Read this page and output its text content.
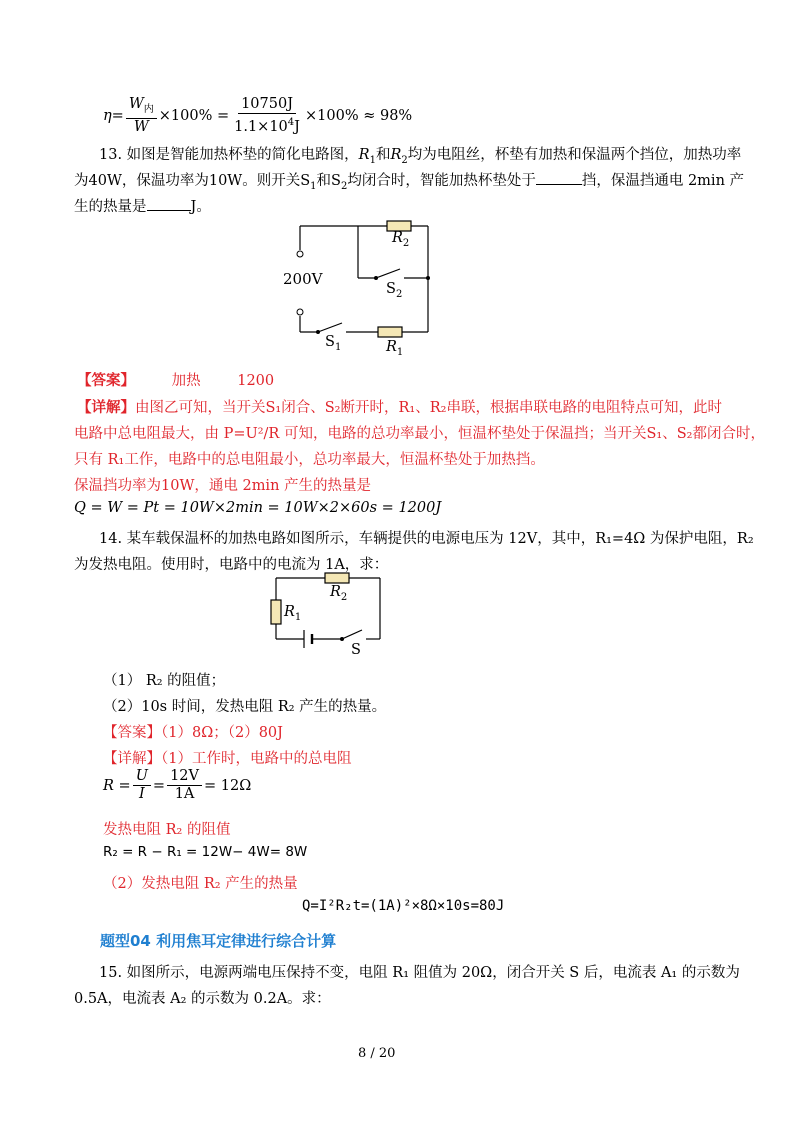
$\eta= \frac{W_内}{W} \times 100\% = \frac{10750J}{1.1\times 10^4J} \times 100\% \approx 98\%$
13. 如图是智能加热杯垫的简化电路图，$R_1$和$R_2$均为电阻丝，杯垫有加热和保温两个挡位，加热功率
为40W，保温功率为10W。则开关$S_1$和$S_2$均闭合时，智能加热杯垫处于	挡，保温挡通电 2min 产
生的热量是	J。
200V
$R_2$
$S_2$
$S_1$	$R_1$
【答案】	加热	1200
【详解】由图乙可知，当开关S₁闭合、S₂断开时，R₁、R₂串联，根据串联电路的电阻特点可知，此时
电路中总电阻最大，由 P=U²/R 可知，电路的总功率最小，恒温杯垫处于保温挡；当开关S₁、S₂都闭合时，
只有 R₁工作，电路中的总电阻最小，总功率最大，恒温杯垫处于加热挡。
保温挡功率为10W，通电 2min 产生的热量是
Q = W = Pt = 10W×2min = 10W×2×60s = 1200J
14. 某车载保温杯的加热电路如图所示，车辆提供的电源电压为 12V，其中，R₁=4Ω 为保护电阻，R₂
为发热电阻。使用时，电路中的电流为 1A，求：
$R_2$
$R_1$
S
（1） R₂ 的阻值；
（2）10s 时间，发热电阻 R₂ 产生的热量。
【答案】（1）8Ω；（2）80J
【详解】（1）工作时，电路中的总电阻
$R = \frac{U}{I} = \frac{12V}{1A} = 12\Omega$
发热电阻 R₂ 的阻值
R₂ = R − R₁ = 12W− 4W= 8W
（2）发热电阻 R₂ 产生的热量
Q=I²R₂t=(1A)²×8Ω×10s=80J
题型04 利用焦耳定律进行综合计算
15. 如图所示，电源两端电压保持不变，电阻 R₁ 阻值为 20Ω，闭合开关 S 后，电流表 A₁ 的示数为
0.5A，电流表 A₂ 的示数为 0.2A。求：
8 / 20
